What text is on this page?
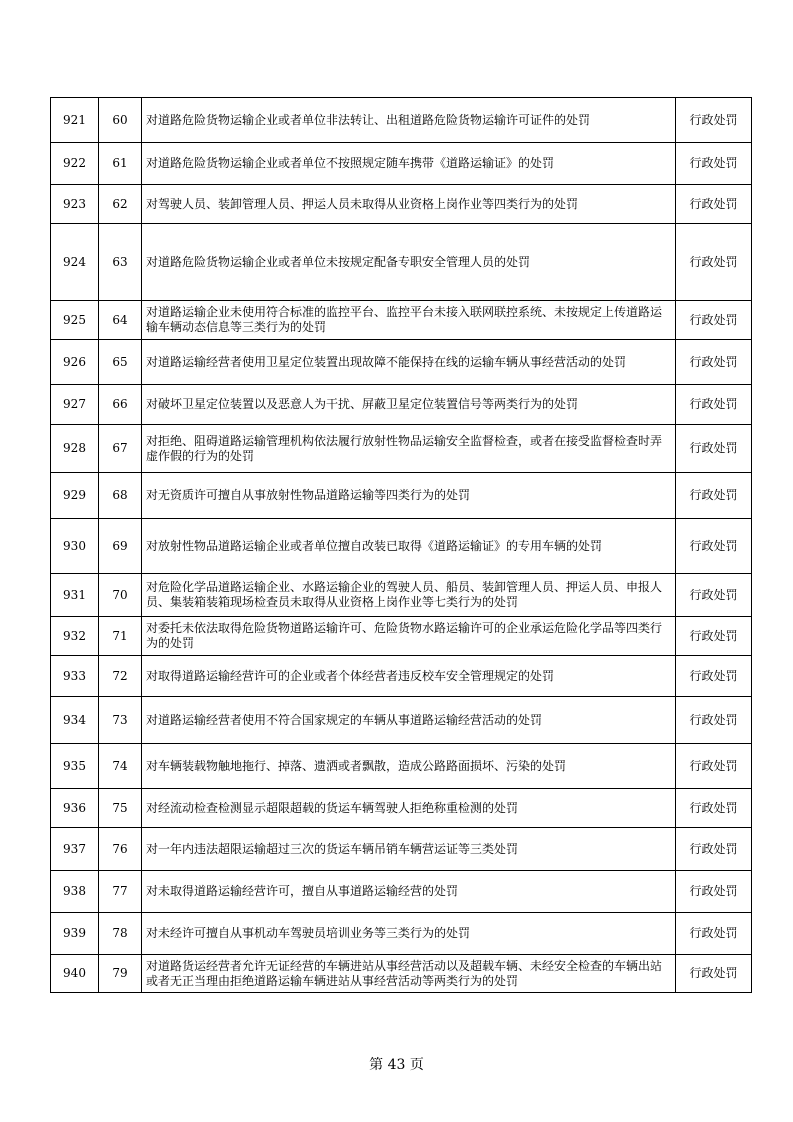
921	60	对道路危险货物运输企业或者单位非法转让、出租道路危险货物运输许可证件的处罚	行政处罚
922	61	对道路危险货物运输企业或者单位不按照规定随车携带《道路运输证》的处罚	行政处罚
923	62	对驾驶人员、装卸管理人员、押运人员未取得从业资格上岗作业等四类行为的处罚	行政处罚
924	63	对道路危险货物运输企业或者单位未按规定配备专职安全管理人员的处罚	行政处罚
925	64	对道路运输企业未使用符合标准的监控平台、监控平台未接入联网联控系统、未按规定上传道路运输车辆动态信息等三类行为的处罚	行政处罚
926	65	对道路运输经营者使用卫星定位装置出现故障不能保持在线的运输车辆从事经营活动的处罚	行政处罚
927	66	对破坏卫星定位装置以及恶意人为干扰、屏蔽卫星定位装置信号等两类行为的处罚	行政处罚
928	67	对拒绝、阻碍道路运输管理机构依法履行放射性物品运输安全监督检查，或者在接受监督检查时弄虚作假的行为的处罚	行政处罚
929	68	对无资质许可擅自从事放射性物品道路运输等四类行为的处罚	行政处罚
930	69	对放射性物品道路运输企业或者单位擅自改装已取得《道路运输证》的专用车辆的处罚	行政处罚
931	70	对危险化学品道路运输企业、水路运输企业的驾驶人员、船员、装卸管理人员、押运人员、申报人员、集装箱装箱现场检查员未取得从业资格上岗作业等七类行为的处罚	行政处罚
932	71	对委托未依法取得危险货物道路运输许可、危险货物水路运输许可的企业承运危险化学品等四类行为的处罚	行政处罚
933	72	对取得道路运输经营许可的企业或者个体经营者违反校车安全管理规定的处罚	行政处罚
934	73	对道路运输经营者使用不符合国家规定的车辆从事道路运输经营活动的处罚	行政处罚
935	74	对车辆装载物触地拖行、掉落、遗洒或者飘散，造成公路路面损坏、污染的处罚	行政处罚
936	75	对经流动检查检测显示超限超载的货运车辆驾驶人拒绝称重检测的处罚	行政处罚
937	76	对一年内违法超限运输超过三次的货运车辆吊销车辆营运证等三类处罚	行政处罚
938	77	对未取得道路运输经营许可，擅自从事道路运输经营的处罚	行政处罚
939	78	对未经许可擅自从事机动车驾驶员培训业务等三类行为的处罚	行政处罚
940	79	对道路货运经营者允许无证经营的车辆进站从事经营活动以及超载车辆、未经安全检查的车辆出站或者无正当理由拒绝道路运输车辆进站从事经营活动等两类行为的处罚	行政处罚
第 43 页
